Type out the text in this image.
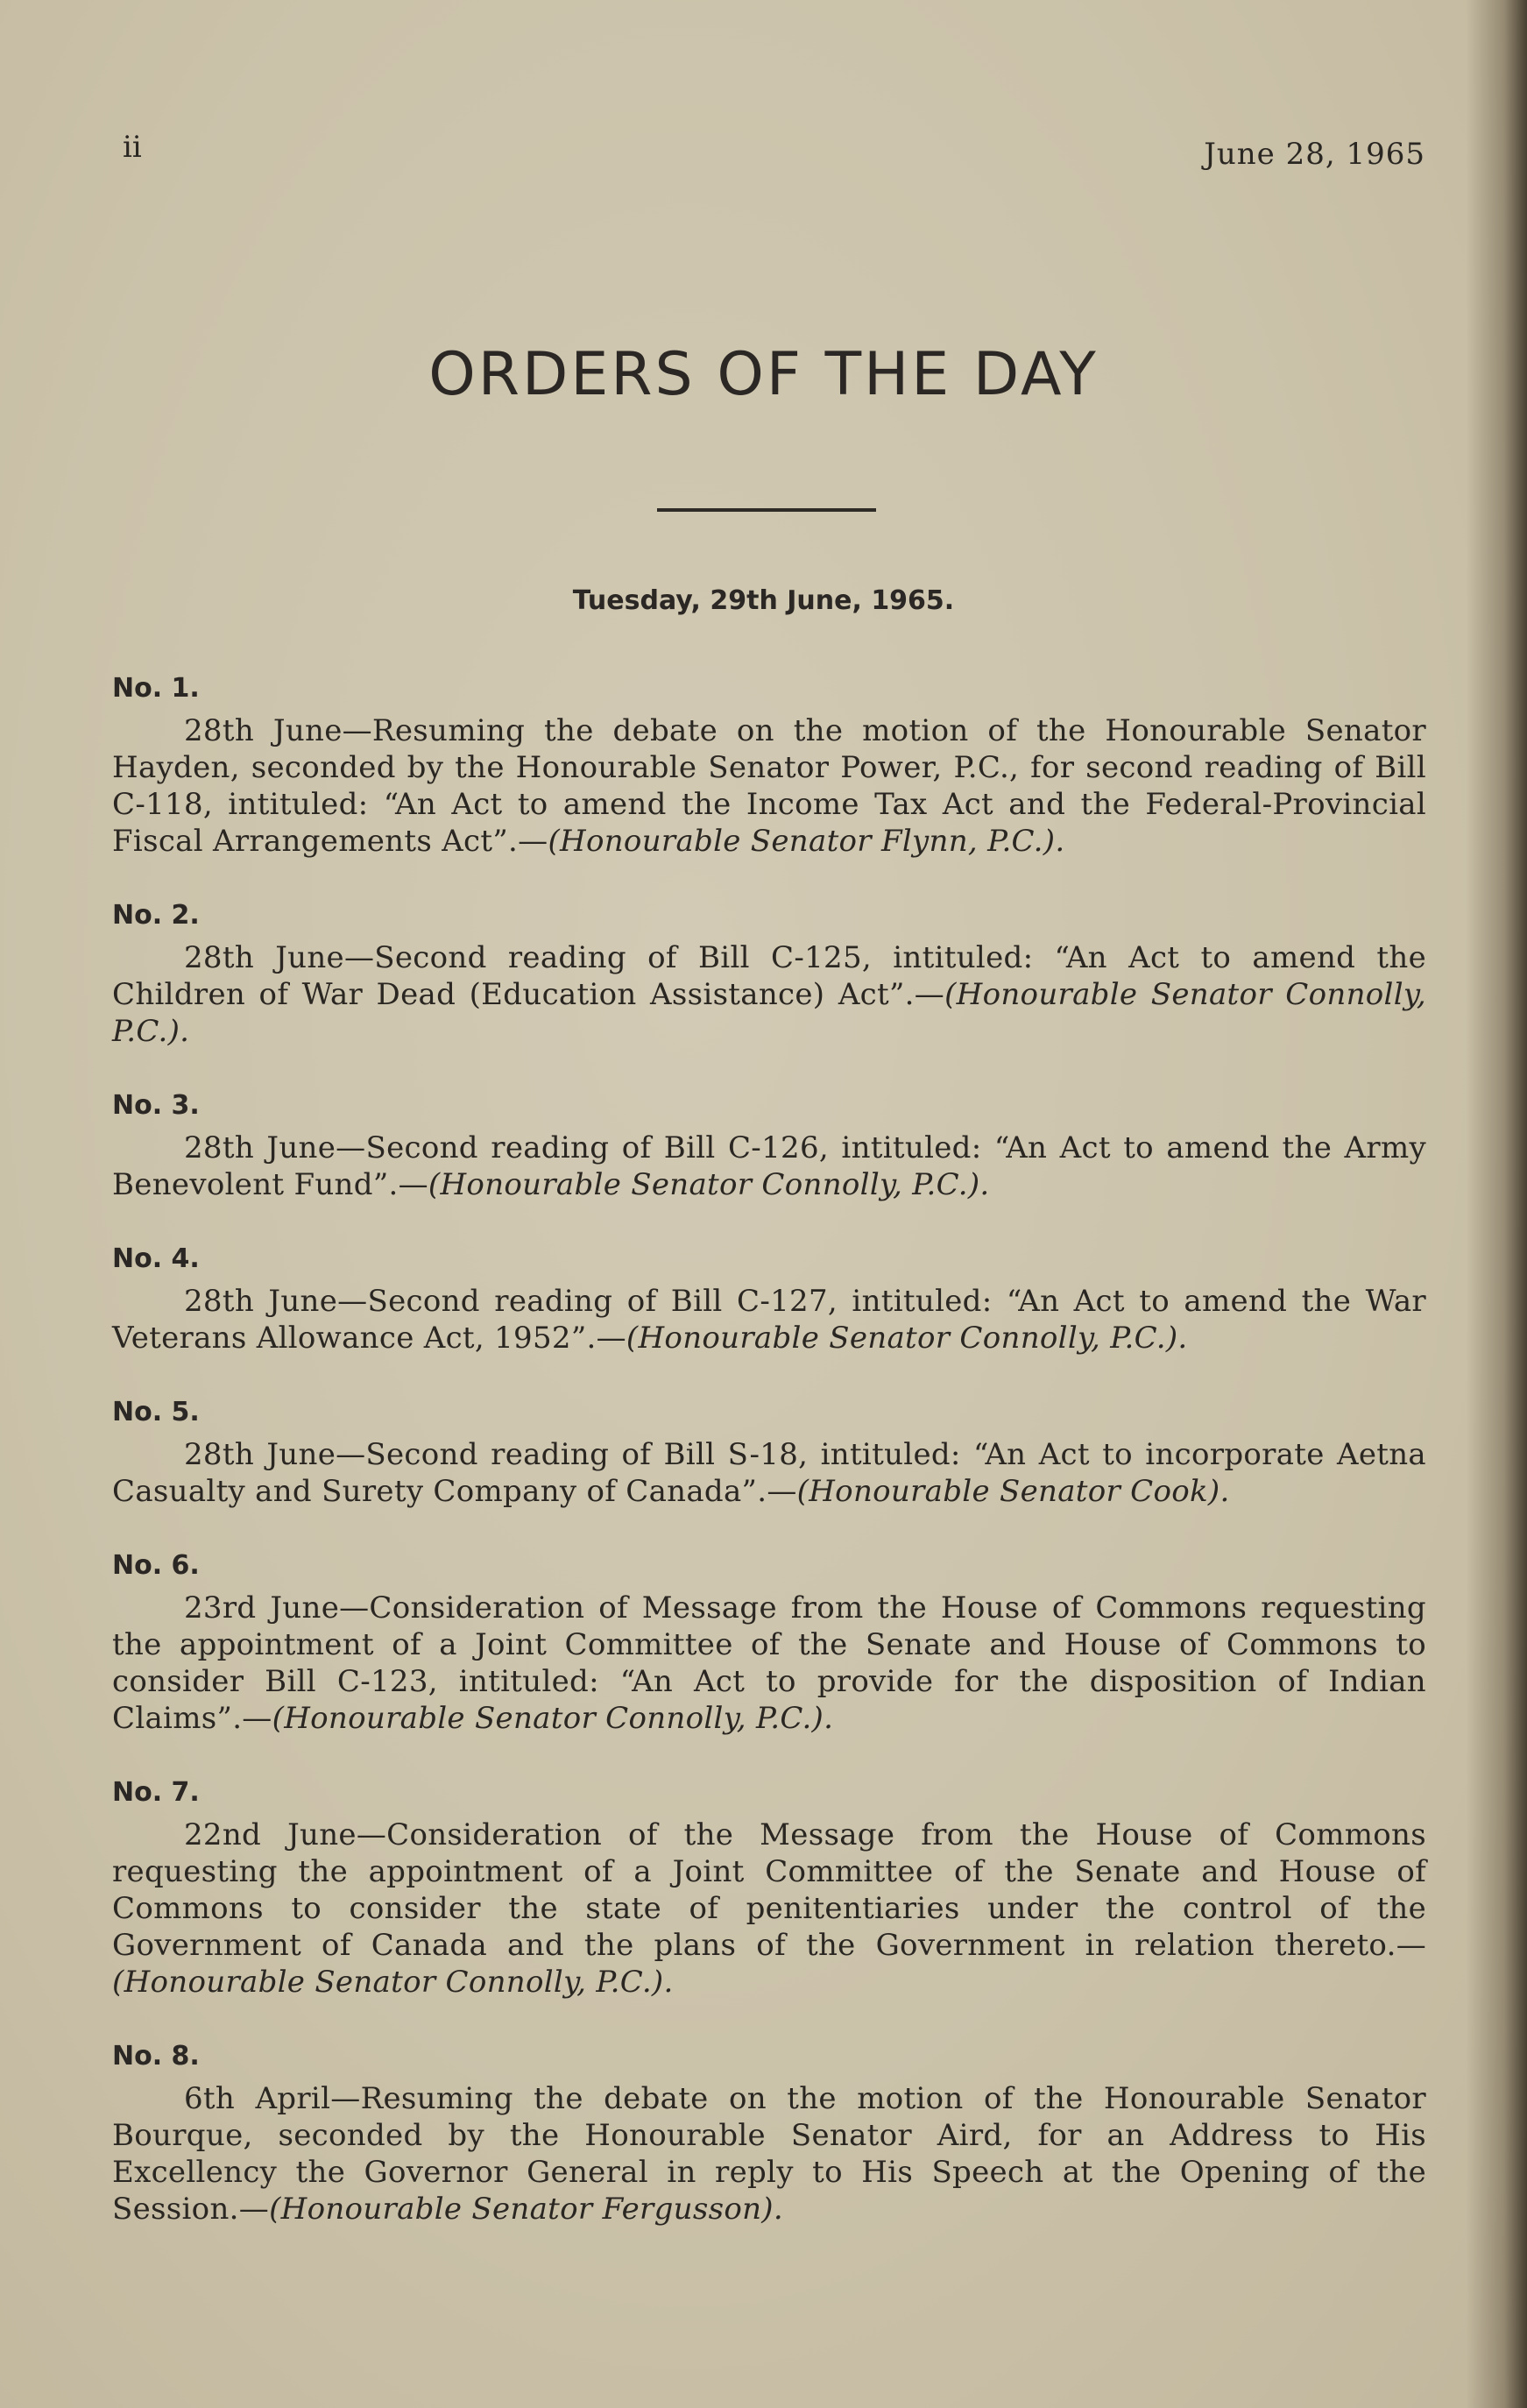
ii	June 28, 1965
ORDERS OF THE DAY
Tuesday, 29th June, 1965.
No. 1.
28th June—Resuming the debate on the motion of the Honourable Senator Hayden, seconded by the Honourable Senator Power, P.C., for second reading of Bill C-118, intituled: “An Act to amend the Income Tax Act and the Federal-Provincial Fiscal Arrangements Act”.—(Honourable Senator Flynn, P.C.).
No. 2.
28th June—Second reading of Bill C-125, intituled: “An Act to amend the Children of War Dead (Education Assistance) Act”.—(Honourable Senator Connolly, P.C.).
No. 3.
28th June—Second reading of Bill C-126, intituled: “An Act to amend the Army Benevolent Fund”.—(Honourable Senator Connolly, P.C.).
No. 4.
28th June—Second reading of Bill C-127, intituled: “An Act to amend the War Veterans Allowance Act, 1952”.—(Honourable Senator Connolly, P.C.).
No. 5.
28th June—Second reading of Bill S-18, intituled: “An Act to incorporate Aetna Casualty and Surety Company of Canada”.—(Honourable Senator Cook).
No. 6.
23rd June—Consideration of Message from the House of Commons requesting the appointment of a Joint Committee of the Senate and House of Commons to consider Bill C-123, intituled: “An Act to provide for the disposition of Indian Claims”.—(Honourable Senator Connolly, P.C.).
No. 7.
22nd June—Consideration of the Message from the House of Commons requesting the appointment of a Joint Committee of the Senate and House of Commons to consider the state of penitentiaries under the control of the Government of Canada and the plans of the Government in relation thereto.—(Honourable Senator Connolly, P.C.).
No. 8.
6th April—Resuming the debate on the motion of the Honourable Senator Bourque, seconded by the Honourable Senator Aird, for an Address to His Excellency the Governor General in reply to His Speech at the Opening of the Session.—(Honourable Senator Fergusson).
